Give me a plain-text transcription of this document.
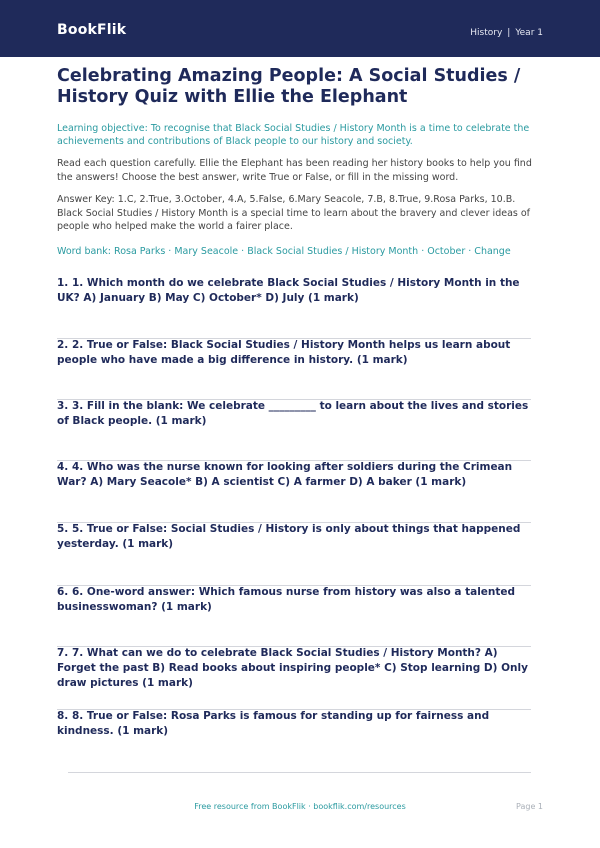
BookFlik	History | Year 1
Celebrating Amazing People: A Social Studies / History Quiz with Ellie the Elephant
Learning objective: To recognise that Black Social Studies / History Month is a time to celebrate the achievements and contributions of Black people to our history and society.
Read each question carefully. Ellie the Elephant has been reading her history books to help you find the answers! Choose the best answer, write True or False, or fill in the missing word.
Answer Key: 1.C, 2.True, 3.October, 4.A, 5.False, 6.Mary Seacole, 7.B, 8.True, 9.Rosa Parks, 10.B. Black Social Studies / History Month is a special time to learn about the bravery and clever ideas of people who helped make the world a fairer place.
Word bank: Rosa Parks · Mary Seacole · Black Social Studies / History Month · October · Change
1. 1. Which month do we celebrate Black Social Studies / History Month in the UK? A) January B) May C) October* D) July (1 mark)
2. 2. True or False: Black Social Studies / History Month helps us learn about people who have made a big difference in history. (1 mark)
3. 3. Fill in the blank: We celebrate _________ to learn about the lives and stories of Black people. (1 mark)
4. 4. Who was the nurse known for looking after soldiers during the Crimean War? A) Mary Seacole* B) A scientist C) A farmer D) A baker (1 mark)
5. 5. True or False: Social Studies / History is only about things that happened yesterday. (1 mark)
6. 6. One-word answer: Which famous nurse from history was also a talented businesswoman? (1 mark)
7. 7. What can we do to celebrate Black Social Studies / History Month? A) Forget the past B) Read books about inspiring people* C) Stop learning D) Only draw pictures (1 mark)
8. 8. True or False: Rosa Parks is famous for standing up for fairness and kindness. (1 mark)
Free resource from BookFlik · bookflik.com/resources	Page 1
